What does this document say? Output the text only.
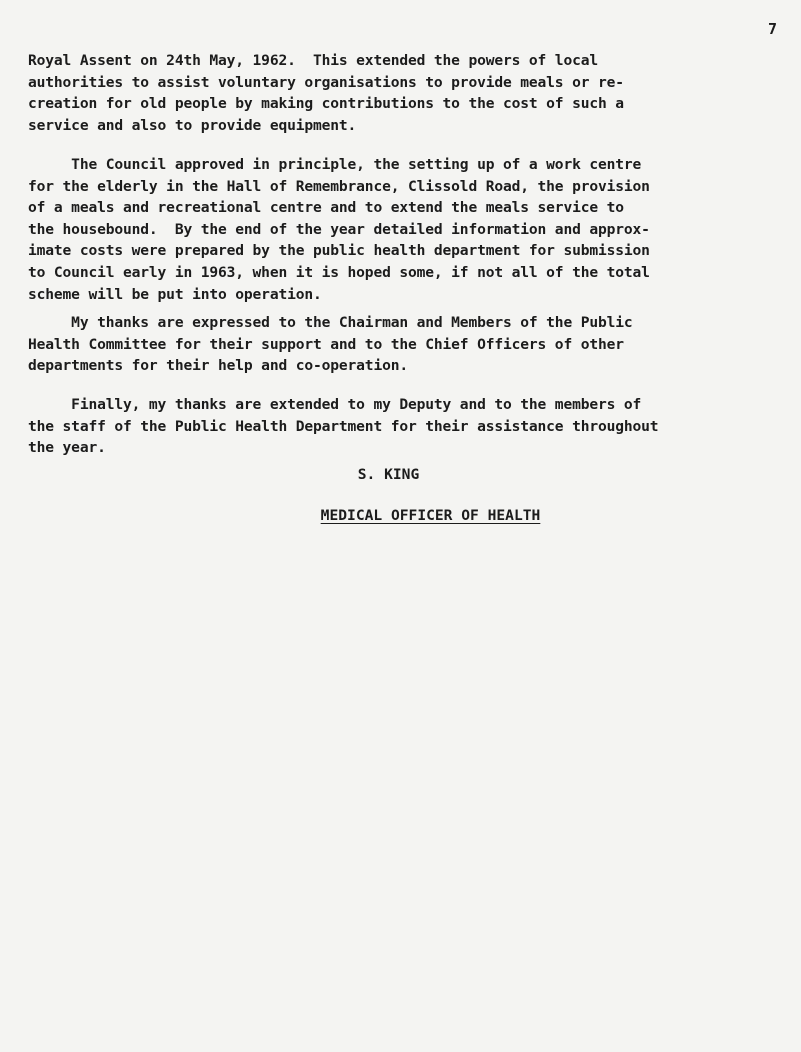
7
Royal Assent on 24th May, 1962.  This extended the powers of local
authorities to assist voluntary organisations to provide meals or re-
creation for old people by making contributions to the cost of such a
service and also to provide equipment.
The Council approved in principle, the setting up of a work centre
for the elderly in the Hall of Remembrance, Clissold Road, the provision
of a meals and recreational centre and to extend the meals service to
the housebound.  By the end of the year detailed information and approx-
imate costs were prepared by the public health department for submission
to Council early in 1963, when it is hoped some, if not all of the total
scheme will be put into operation.
My thanks are expressed to the Chairman and Members of the Public
Health Committee for their support and to the Chief Officers of other
departments for their help and co-operation.
Finally, my thanks are extended to my Deputy and to the members of
the staff of the Public Health Department for their assistance throughout
the year.
S. KING
MEDICAL OFFICER OF HEALTH
